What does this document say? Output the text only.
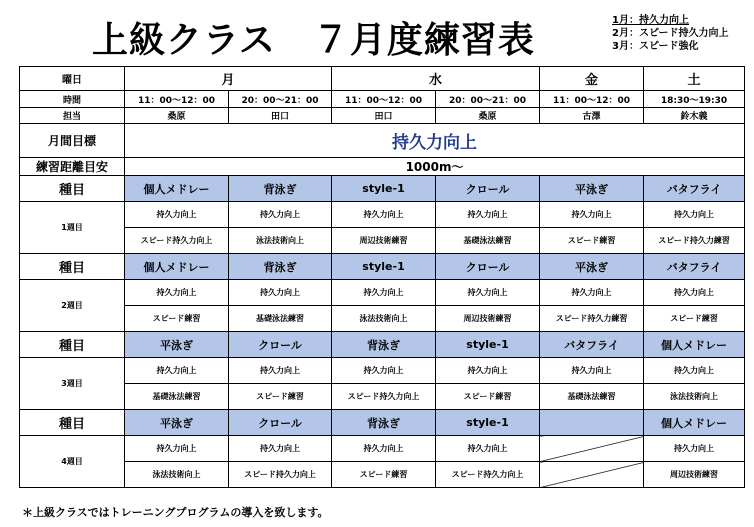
上級クラス　７月度練習表	1月：持久力向上
2月：スピード持久力向上
3月：スピード強化
曜日	月		水		金	土
時間	11：00〜12：00	20：00〜21：00	11：00〜12：00	20：00〜21：00	11：00〜12：00	18:30〜19:30
担当	桑原	田口	田口	桑原	古澤	鈴木義
月間目標	持久力向上					
練習距離目安	1000m〜					
種目	個人メドレー	背泳ぎ	style-1	クロール	平泳ぎ	バタフライ
1週目	持久力向上	持久力向上	持久力向上	持久力向上	持久力向上	持久力向上
	スピード持久力向上	泳法技術向上	周辺技術練習	基礎泳法練習	スピード練習	スピード持久力練習
種目	個人メドレー	背泳ぎ	style-1	クロール	平泳ぎ	バタフライ
2週目	持久力向上	持久力向上	持久力向上	持久力向上	持久力向上	持久力向上
	スピード練習	基礎泳法練習	泳法技術向上	周辺技術練習	スピード持久力練習	スピード練習
種目	平泳ぎ	クロール	背泳ぎ	style-1	バタフライ	個人メドレー
3週目	持久力向上	持久力向上	持久力向上	持久力向上	持久力向上	持久力向上
	基礎泳法練習	スピード練習	スピード持久力向上	スピード練習	基礎泳法練習	泳法技術向上
種目	平泳ぎ	クロール	背泳ぎ	style-1		個人メドレー
4週目	持久力向上	持久力向上	持久力向上	持久力向上		持久力向上
	泳法技術向上	スピード持久力向上	スピード練習	スピード持久力向上		周辺技術練習
＊上級クラスではトレーニングプログラムの導入を致します。
